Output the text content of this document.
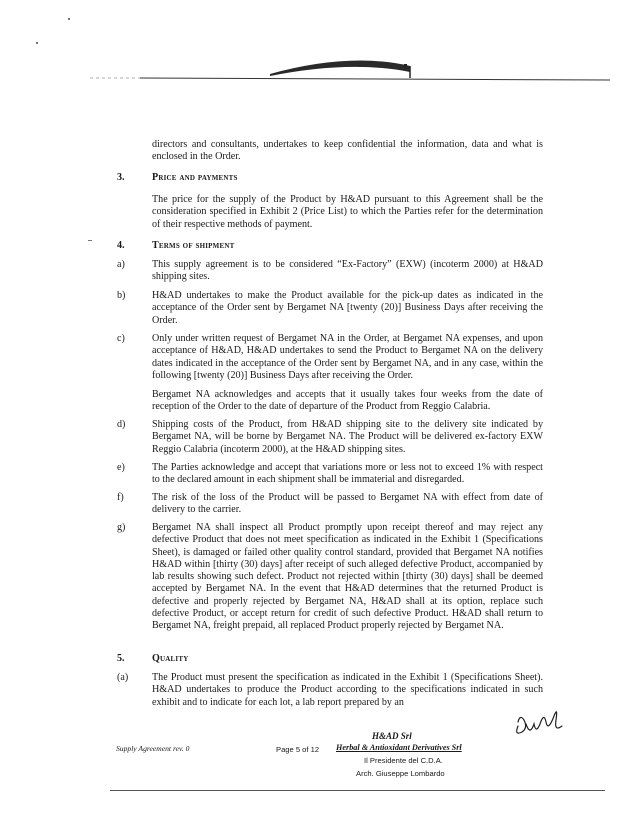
directors and consultants, undertakes to keep confidential the information, data and what is enclosed in the Order.
3.	Price and payments
The price for the supply of the Product by H&AD pursuant to this Agreement shall be the consideration specified in Exhibit 2 (Price List) to which the Parties refer for the determination of their respective methods of payment.
4.	Terms of shipment
a)	This supply agreement is to be considered “Ex-Factory” (EXW) (incoterm 2000) at H&AD shipping sites.
b)	H&AD undertakes to make the Product available for the pick-up dates as indicated in the acceptance of the Order sent by Bergamet NA [twenty (20)] Business Days after receiving the Order.
c)	Only under written request of Bergamet NA in the Order, at Bergamet NA expenses, and upon acceptance of H&AD, H&AD undertakes to send the Product to Bergamet NA on the delivery dates indicated in the acceptance of the Order sent by Bergamet NA, and in any case, within the following [twenty (20)] Business Days after receiving the Order.
Bergamet NA acknowledges and accepts that it usually takes four weeks from the date of reception of the Order to the date of departure of the Product from Reggio Calabria.
d)	Shipping costs of the Product, from H&AD shipping site to the delivery site indicated by Bergamet NA, will be borne by Bergamet NA. The Product will be delivered ex-factory EXW Reggio Calabria (incoterm 2000), at the H&AD shipping sites.
e)	The Parties acknowledge and accept that variations more or less not to exceed 1% with respect to the declared amount in each shipment shall be immaterial and disregarded.
f)	The risk of the loss of the Product will be passed to Bergamet NA with effect from date of delivery to the carrier.
g)	Bergamet NA shall inspect all Product promptly upon receipt thereof and may reject any defective Product that does not meet specification as indicated in the Exhibit 1 (Specifications Sheet), is damaged or failed other quality control standard, provided that Bergamet NA notifies H&AD within [thirty (30) days] after receipt of such alleged defective Product, accompanied by lab results showing such defect. Product not rejected within [thirty (30) days] shall be deemed accepted by Bergamet NA. In the event that H&AD determines that the returned Product is defective and properly rejected by Bergamet NA, H&AD shall at its option, replace such defective Product, or accept return for credit of such defective Product. H&AD shall return to Bergamet NA, freight prepaid, all replaced Product properly rejected by Bergamet NA.
5.	Quality
(a) The Product must present the specification as indicated in the Exhibit 1 (Specifications Sheet). H&AD undertakes to produce the Product according to the specifications indicated in such exhibit and to indicate for each lot, a lab report prepared by an
Supply Agreement rev. 0	Page 5 of 12
H&AD Srl
Herbal & Antioxidant Derivatives Srl
Il Presidente del C.D.A.
Arch. Giuseppe Lombardo
